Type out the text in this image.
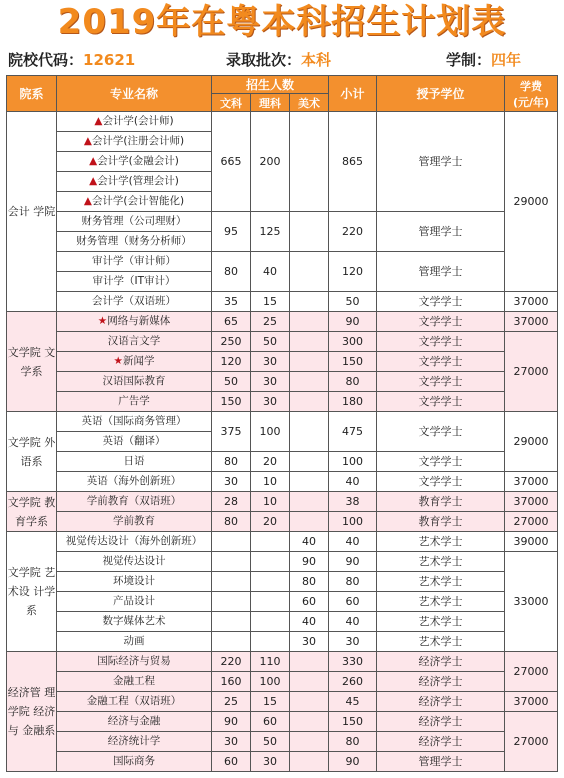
2019年在粤本科招生计划表
院校代码：12621	录取批次：本科	学制：四年
院系	专业名称	招生人数			小计	授予学位	学费
(元/年)

		文科	理科	美术			
会计 学院	▲会计学(会计师)	665	200		865	管理学士	29000
	▲会计学(注册会计师)						
	▲会计学(金融会计)						
	▲会计学(管理会计)						
	▲会计学(会计智能化)						
	财务管理（公司理财）	95	125		220	管理学士	
	财务管理（财务分析师）						
	审计学（审计师）	80	40		120	管理学士	
	审计学（IT审计）						
	会计学（双语班）	35	15		50	文学学士	37000
文学院 文学系	★网络与新媒体	65	25		90	文学学士	37000
	汉语言文学	250	50		300	文学学士	27000
	★新闻学	120	30		150	文学学士	
	汉语国际教育	50	30		80	文学学士	
	广告学	150	30		180	文学学士	
文学院 外语系	英语（国际商务管理）	375	100		475	文学学士	29000
	英语（翻译）						
	日语	80	20		100	文学学士	
	英语（海外创新班）	30	10		40	文学学士	37000
文学院 教育学系	学前教育（双语班）	28	10		38	教育学士	37000
	学前教育	80	20		100	教育学士	27000
文学院 艺术设 计学系	视觉传达设计（海外创新班）			40	40	艺术学士	39000
	视觉传达设计			90	90	艺术学士	33000
	环境设计			80	80	艺术学士	
	产品设计			60	60	艺术学士	
	数字媒体艺术			40	40	艺术学士	
	动画			30	30	艺术学士	
经济管 理学院 经济与 金融系	国际经济与贸易	220	110		330	经济学士	27000
	金融工程	160	100		260	经济学士	
	金融工程（双语班）	25	15		45	经济学士	37000
	经济与金融	90	60		150	经济学士	27000
	经济统计学	30	50		80	经济学士	
	国际商务	60	30		90	管理学士	
